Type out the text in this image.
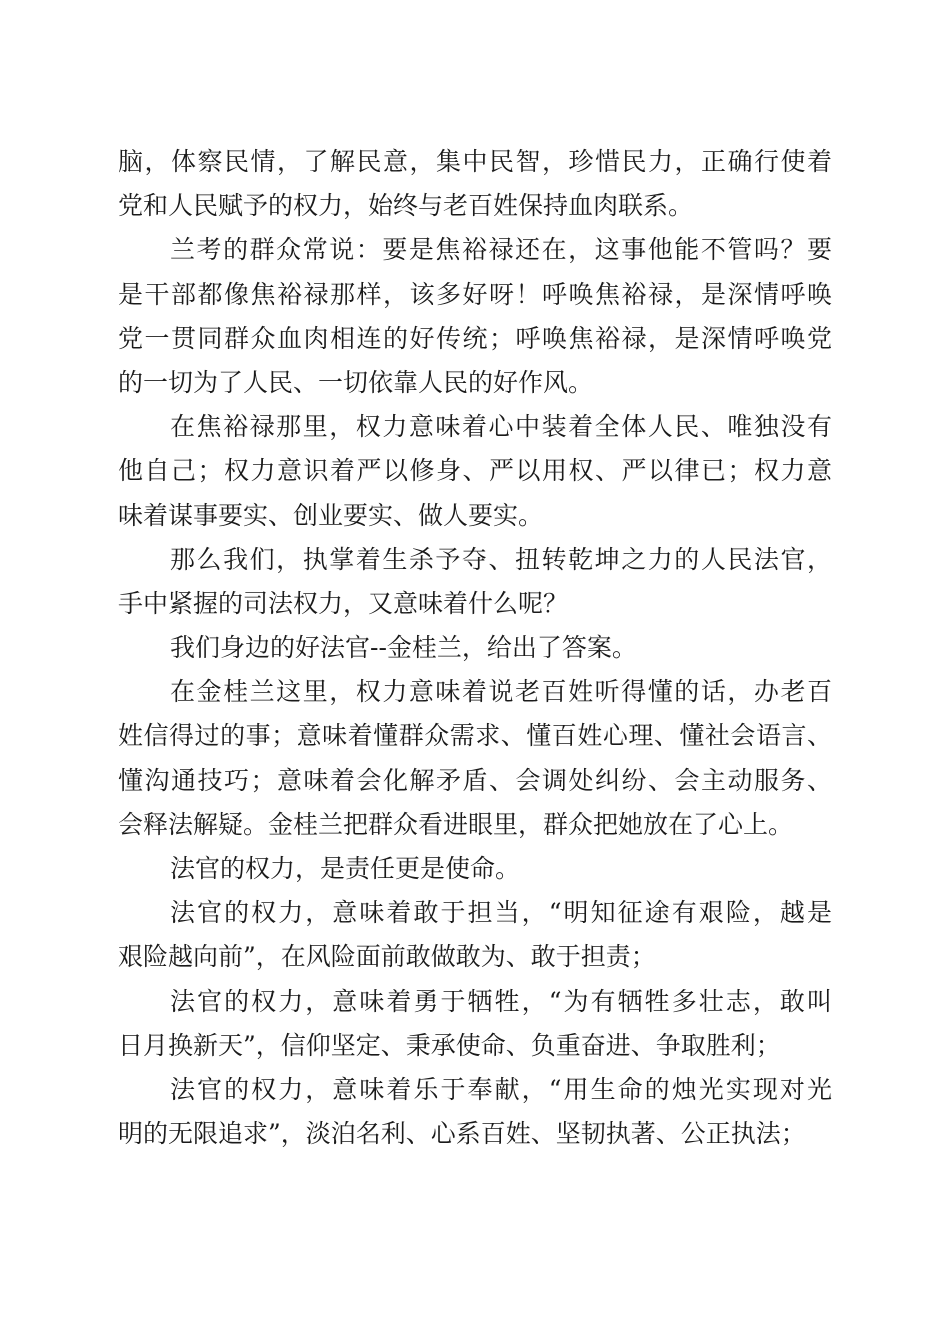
脑，体察民情，了解民意，集中民智，珍惜民力，正确行使着
党和人民赋予的权力，始终与老百姓保持血肉联系。
兰考的群众常说：要是焦裕禄还在，这事他能不管吗？要
是干部都像焦裕禄那样，该多好呀！呼唤焦裕禄，是深情呼唤
党一贯同群众血肉相连的好传统；呼唤焦裕禄，是深情呼唤党
的一切为了人民、一切依靠人民的好作风。
在焦裕禄那里，权力意味着心中装着全体人民、唯独没有
他自己；权力意识着严以修身、严以用权、严以律已；权力意
味着谋事要实、创业要实、做人要实。
那么我们，执掌着生杀予夺、扭转乾坤之力的人民法官，
手中紧握的司法权力，又意味着什么呢？
我们身边的好法官--金桂兰，给出了答案。
在金桂兰这里，权力意味着说老百姓听得懂的话，办老百
姓信得过的事；意味着懂群众需求、懂百姓心理、懂社会语言、
懂沟通技巧；意味着会化解矛盾、会调处纠纷、会主动服务、
会释法解疑。金桂兰把群众看进眼里，群众把她放在了心上。
法官的权力，是责任更是使命。
法官的权力，意味着敢于担当，“明知征途有艰险，越是
艰险越向前”，在风险面前敢做敢为、敢于担责；
法官的权力，意味着勇于牺牲，“为有牺牲多壮志，敢叫
日月换新天”，信仰坚定、秉承使命、负重奋进、争取胜利；
法官的权力，意味着乐于奉献，“用生命的烛光实现对光
明的无限追求”，淡泊名利、心系百姓、坚韧执著、公正执法；
